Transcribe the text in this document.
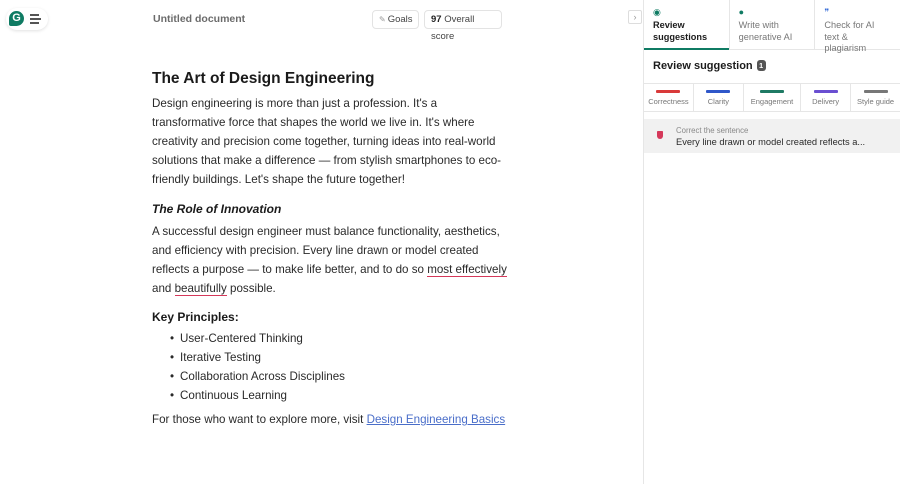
G	Untitled document	✎ Goals	97 Overall score
›
The Art of Design Engineering

Design engineering is more than just a profession. It's a transformative force that shapes the world we live in. It's where creativity and precision come together, turning ideas into real-world solutions that make a difference — from stylish smartphones to eco-friendly buildings. Let's shape the future together!

The Role of Innovation

A successful design engineer must balance functionality, aesthetics, and efficiency with precision. Every line drawn or model created reflects a purpose — to make life better, and to do so most effectively and beautifully possible.

Key Principles:
• User-Centered Thinking
• Iterative Testing
• Collaboration Across Disciplines
• Continuous Learning

For those who want to explore more, visit Design Engineering Basics

◉
Review suggestions
●
Write with generative AI
❞
Check for AI text & plagiarism
Review suggestion 1
Correctness	Clarity	Engagement	Delivery	Style guide
Correct the sentence
Every line drawn or model created reflects a...
